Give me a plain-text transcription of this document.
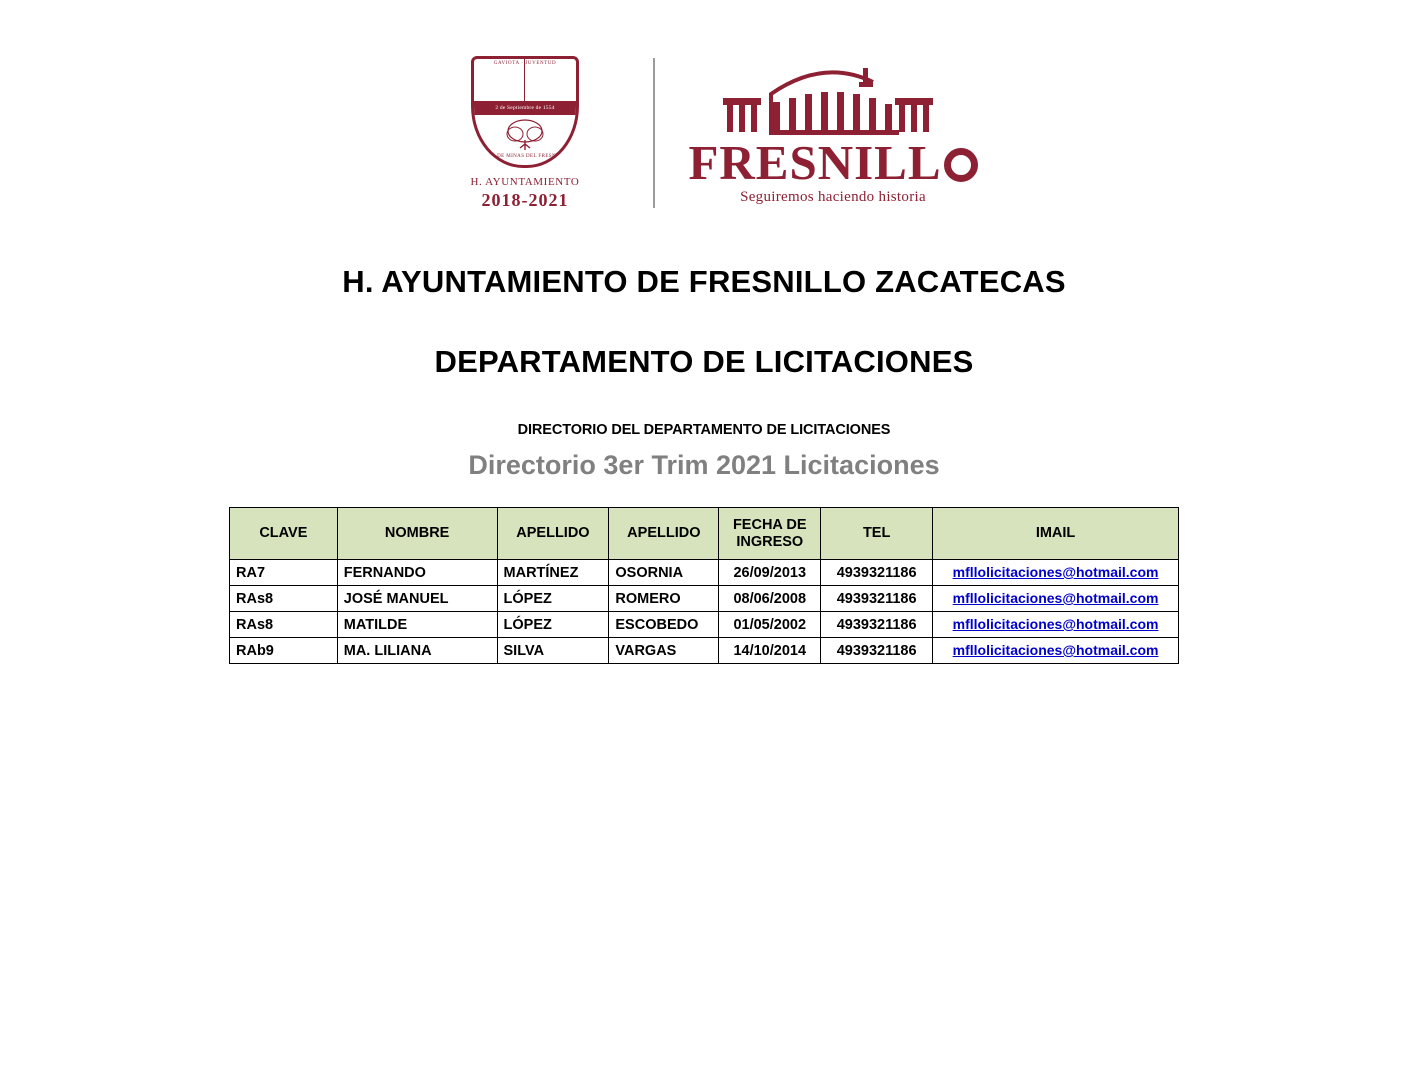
GAVIOTA · JUVENTUD
2 de Septiembre de 1554
REAL DE MINAS DEL FRESNILLO
H. AYUNTAMIENTO
2018-2021
FRESNILL
Seguiremos haciendo historia
H. AYUNTAMIENTO DE FRESNILLO ZACATECAS
DEPARTAMENTO DE LICITACIONES
DIRECTORIO DEL DEPARTAMENTO DE LICITACIONES
Directorio 3er Trim 2021 Licitaciones
CLAVE	NOMBRE	APELLIDO	APELLIDO	FECHA DE INGRESO	TEL	IMAIL
RA7	FERNANDO	MARTÍNEZ	OSORNIA	26/09/2013	4939321186	mfllolicitaciones@hotmail.com
RAs8	JOSÉ MANUEL	LÓPEZ	ROMERO	08/06/2008	4939321186	mfllolicitaciones@hotmail.com
RAs8	MATILDE	LÓPEZ	ESCOBEDO	01/05/2002	4939321186	mfllolicitaciones@hotmail.com
RAb9	MA. LILIANA	SILVA	VARGAS	14/10/2014	4939321186	mfllolicitaciones@hotmail.com
